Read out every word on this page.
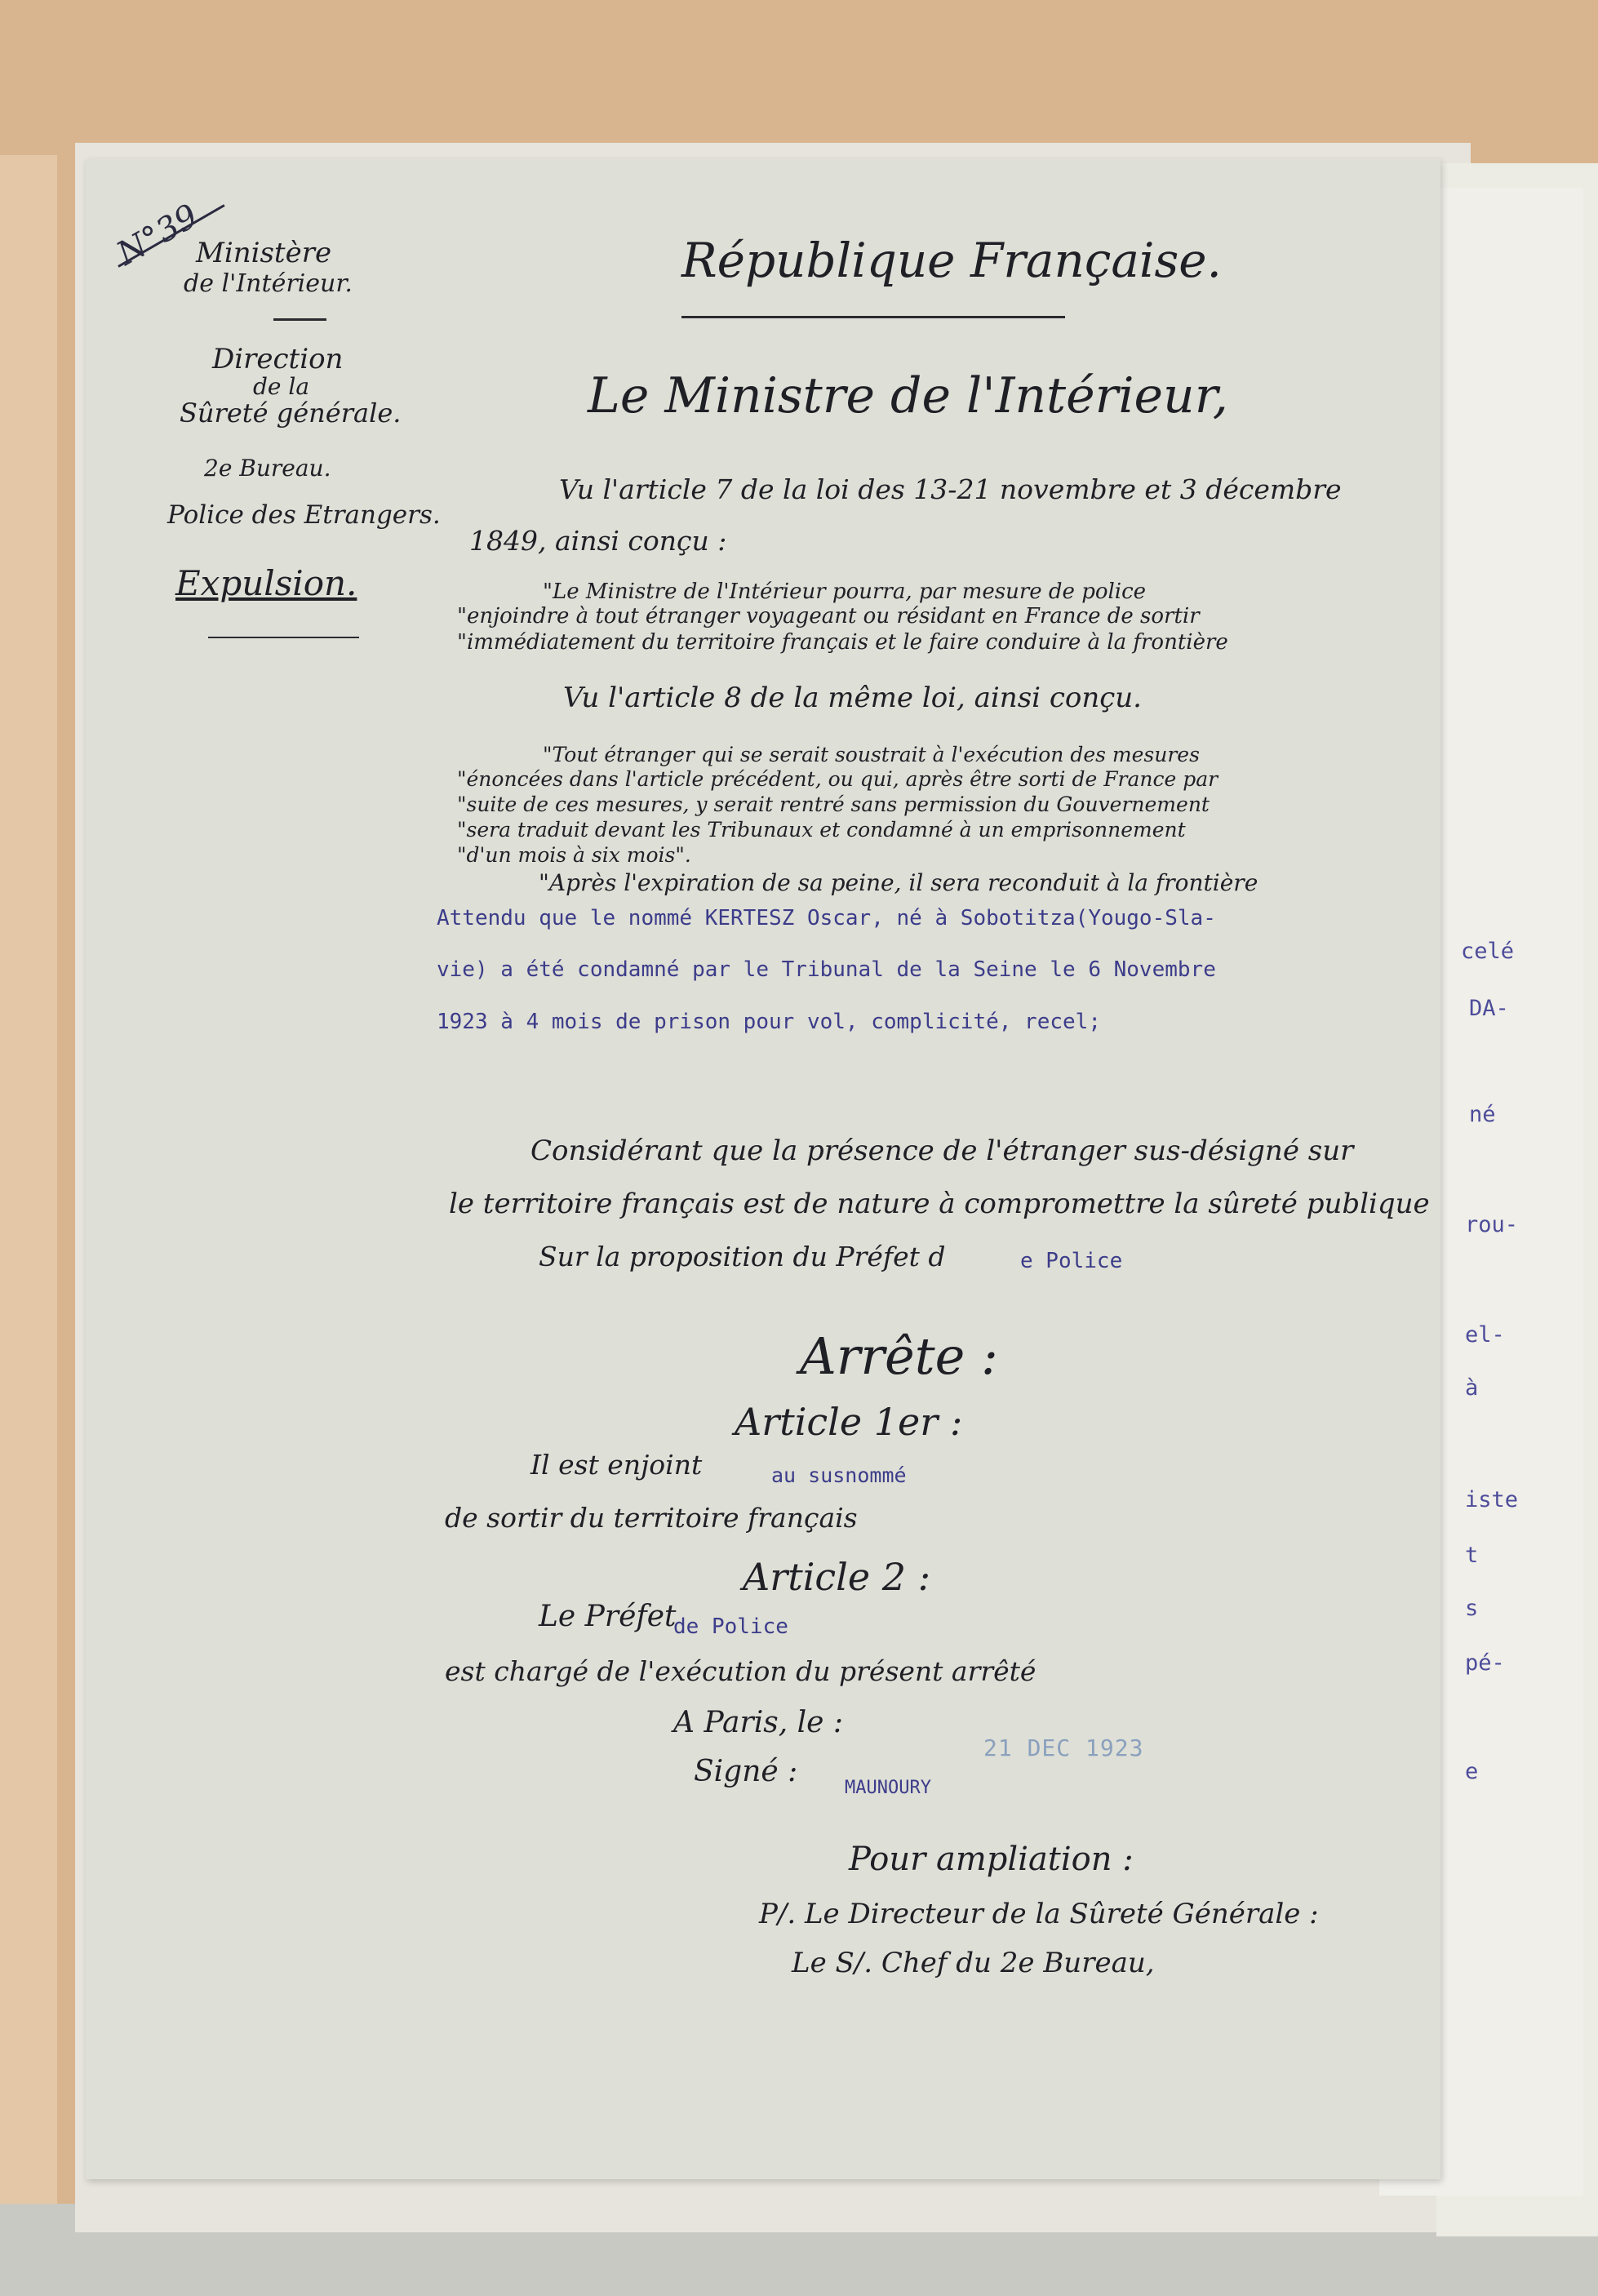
celé
DA-
né
rou-
el-
à
iste
t
s
pé-
e
N°39
Ministère
de l'Intérieur.
Direction
de la
Sûreté générale.
2e Bureau.
Police des Etrangers.
Expulsion.
République Française.
Le Ministre de l'Intérieur,
Vu l'article 7 de la loi des 13-21 novembre et 3 décembre
1849, ainsi conçu :
"Le Ministre de l'Intérieur pourra, par mesure de police
"enjoindre à tout étranger voyageant ou résidant en France de sortir
"immédiatement du territoire français et le faire conduire à la frontière
Vu l'article 8 de la même loi, ainsi conçu.
"Tout étranger qui se serait soustrait à l'exécution des mesures
"énoncées dans l'article précédent, ou qui, après être sorti de France par
"suite de ces mesures, y serait rentré sans permission du Gouvernement
"sera traduit devant les Tribunaux et condamné à un emprisonnement
"d'un mois à six mois".
"Après l'expiration de sa peine, il sera reconduit à la frontière
Attendu que le nommé KERTESZ Oscar, né à Sobotitza(Yougo-Sla-
vie) a été condamné par le Tribunal de la Seine le 6 Novembre
1923 à 4 mois de prison pour vol, complicité, recel;
Considérant que la présence de l'étranger sus-désigné sur
le territoire français est de nature à compromettre la sûreté publique
Sur la proposition du Préfet d	e Police
Arrête :
Article 1er :
Il est enjoint	au susnommé
de sortir du territoire français
Article 2 :
Le Préfet
de Police
est chargé de l'exécution du présent arrêté
A Paris, le :
21 DEC 1923
Signé :	MAUNOURY
Pour ampliation :
P/. Le Directeur de la Sûreté Générale :
Le S/. Chef du 2e Bureau,
